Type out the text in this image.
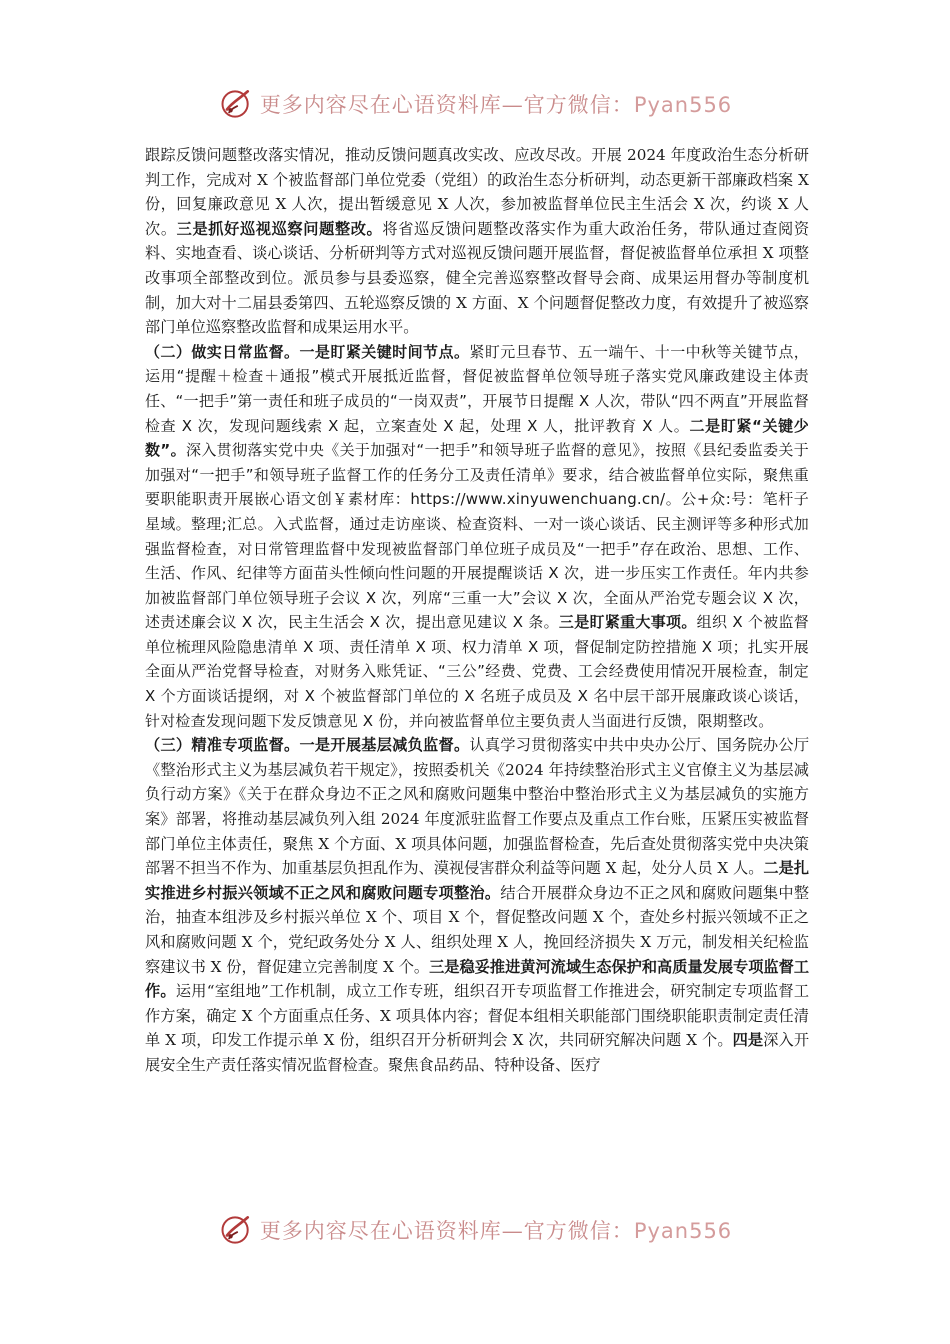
更多内容尽在心语资料库—官方微信：Pyan556

跟踪反馈问题整改落实情况，推动反馈问题真改实改、应改尽改。开展 2024 年度政治生态分析研判工作，完成对 X 个被监督部门单位党委（党组）的政治生态分析研判，动态更新干部廉政档案 X 份，回复廉政意见 X 人次，提出暂缓意见 X 人次，参加被监督单位民主生活会 X 次，约谈 X 人次。三是抓好巡视巡察问题整改。将省巡反馈问题整改落实作为重大政治任务，带队通过查阅资料、实地查看、谈心谈话、分析研判等方式对巡视反馈问题开展监督，督促被监督单位承担 X 项整改事项全部整改到位。派员参与县委巡察，健全完善巡察整改督导会商、成果运用督办等制度机制，加大对十二届县委第四、五轮巡察反馈的 X 方面、X 个问题督促整改力度，有效提升了被巡察部门单位巡察整改监督和成果运用水平。

（二）做实日常监督。一是盯紧关键时间节点。紧盯元旦春节、五一端午、十一中秋等关键节点，运用“提醒＋检查＋通报”模式开展抵近监督，督促被监督单位领导班子落实党风廉政建设主体责任、“一把手”第一责任和班子成员的“一岗双责”，开展节日提醒 X 人次，带队“四不两直”开展监督检查 X 次，发现问题线索 X 起，立案查处 X 起，处理 X 人，批评教育 X 人。二是盯紧“关键少数”。深入贯彻落实党中央《关于加强对“一把手”和领导班子监督的意见》，按照《县纪委监委关于加强对“一把手”和领导班子监督工作的任务分工及责任清单》要求，结合被监督单位实际，聚焦重要职能职责开展嵌心语文创￥素材库：https://www.xinyuwenchuang.cn/。公+众:号：笔杆子星域。整理;汇总。入式监督，通过走访座谈、检查资料、一对一谈心谈话、民主测评等多种形式加强监督检查，对日常管理监督中发现被监督部门单位班子成员及“一把手”存在政治、思想、工作、生活、作风、纪律等方面苗头性倾向性问题的开展提醒谈话 X 次，进一步压实工作责任。年内共参加被监督部门单位领导班子会议 X 次，列席“三重一大”会议 X 次，全面从严治党专题会议 X 次，述责述廉会议 X 次，民主生活会 X 次，提出意见建议 X 条。三是盯紧重大事项。组织 X 个被监督单位梳理风险隐患清单 X 项、责任清单 X 项、权力清单 X 项，督促制定防控措施 X 项；扎实开展全面从严治党督导检查，对财务入账凭证、“三公”经费、党费、工会经费使用情况开展检查，制定 X 个方面谈话提纲，对 X 个被监督部门单位的 X 名班子成员及 X 名中层干部开展廉政谈心谈话，针对检查发现问题下发反馈意见 X 份，并向被监督单位主要负责人当面进行反馈，限期整改。

（三）精准专项监督。一是开展基层减负监督。认真学习贯彻落实中共中央办公厅、国务院办公厅《整治形式主义为基层减负若干规定》，按照委机关《2024 年持续整治形式主义官僚主义为基层减负行动方案》《关于在群众身边不正之风和腐败问题集中整治中整治形式主义为基层减负的实施方案》部署，将推动基层减负列入组 2024 年度派驻监督工作要点及重点工作台账，压紧压实被监督部门单位主体责任，聚焦 X 个方面、X 项具体问题，加强监督检查，先后查处贯彻落实党中央决策部署不担当不作为、加重基层负担乱作为、漠视侵害群众利益等问题 X 起，处分人员 X 人。二是扎实推进乡村振兴领域不正之风和腐败问题专项整治。结合开展群众身边不正之风和腐败问题集中整治，抽查本组涉及乡村振兴单位 X 个、项目 X 个，督促整改问题 X 个，查处乡村振兴领域不正之风和腐败问题 X 个，党纪政务处分 X 人、组织处理 X 人，挽回经济损失 X 万元，制发相关纪检监察建议书 X 份，督促建立完善制度 X 个。三是稳妥推进黄河流域生态保护和高质量发展专项监督工作。运用“室组地”工作机制，成立工作专班，组织召开专项监督工作推进会，研究制定专项监督工作方案，确定 X 个方面重点任务、X 项具体内容；督促本组相关职能部门围绕职能职责制定责任清单 X 项，印发工作提示单 X 份，组织召开分析研判会 X 次，共同研究解决问题 X 个。四是深入开展安全生产责任落实情况监督检查。聚焦食品药品、特种设备、医疗

更多内容尽在心语资料库—官方微信：Pyan556
